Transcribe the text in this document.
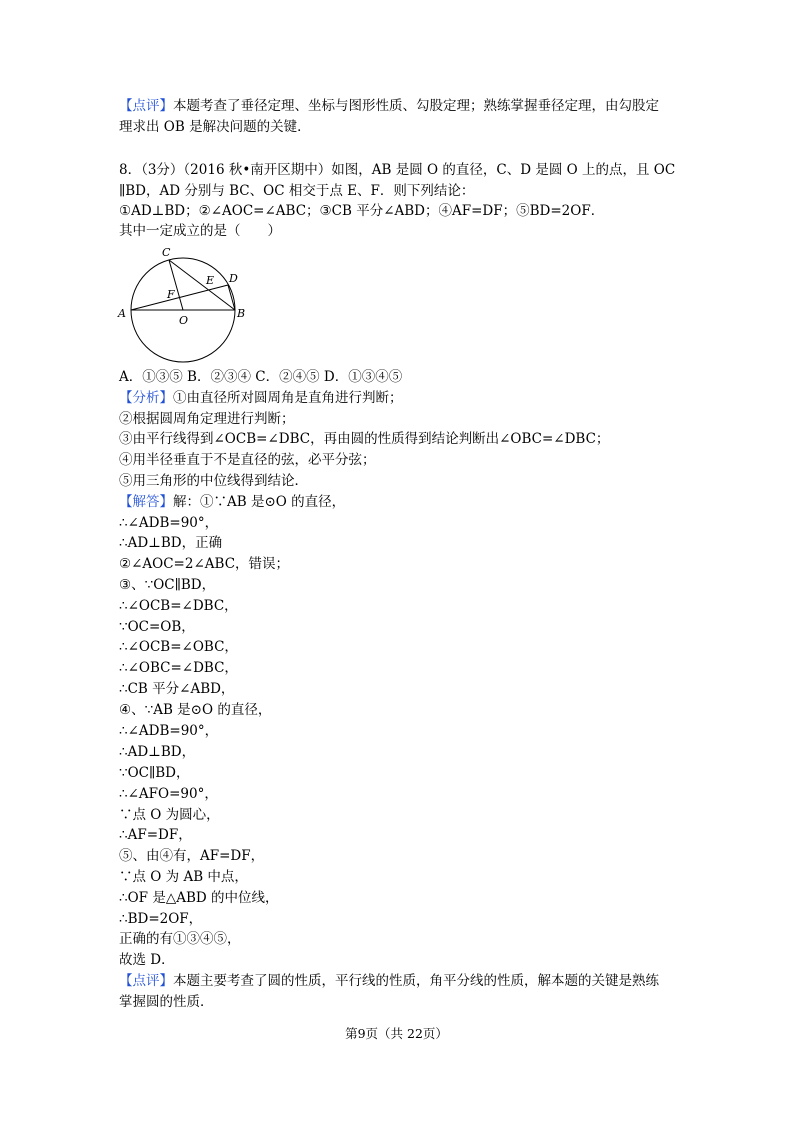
【点评】本题考查了垂径定理、坐标与图形性质、勾股定理；熟练掌握垂径定理，由勾股定
理求出 OB 是解决问题的关键．
8．（3分）（2016 秋•南开区期中）如图，AB 是圆 O 的直径，C、D 是圆 O 上的点，且 OC
∥BD，AD 分别与 BC、OC 相交于点 E、F．则下列结论：
①AD⊥BD；②∠AOC=∠ABC；③CB 平分∠ABD；④AF=DF；⑤BD=2OF．
其中一定成立的是（　　）
A	B
C
D
E
F
O
A．①③⑤ B．②③④ C．②④⑤ D．①③④⑤
【分析】①由直径所对圆周角是直角进行判断；
②根据圆周角定理进行判断；
③由平行线得到∠OCB=∠DBC，再由圆的性质得到结论判断出∠OBC=∠DBC；
④用半径垂直于不是直径的弦，必平分弦；
⑤用三角形的中位线得到结论．
【解答】解：①∵AB 是⊙O 的直径，
∴∠ADB=90°，
∴AD⊥BD，正确
②∠AOC=2∠ABC，错误；
③、∵OC∥BD，
∴∠OCB=∠DBC，
∵OC=OB，
∴∠OCB=∠OBC，
∴∠OBC=∠DBC，
∴CB 平分∠ABD，
④、∵AB 是⊙O 的直径，
∴∠ADB=90°，
∴AD⊥BD，
∵OC∥BD，
∴∠AFO=90°，
∵点 O 为圆心，
∴AF=DF，
⑤、由④有，AF=DF，
∵点 O 为 AB 中点，
∴OF 是△ABD 的中位线，
∴BD=2OF，
正确的有①③④⑤，
故选 D．
【点评】本题主要考查了圆的性质，平行线的性质，角平分线的性质，解本题的关键是熟练
掌握圆的性质．
第9页（共 22页）
